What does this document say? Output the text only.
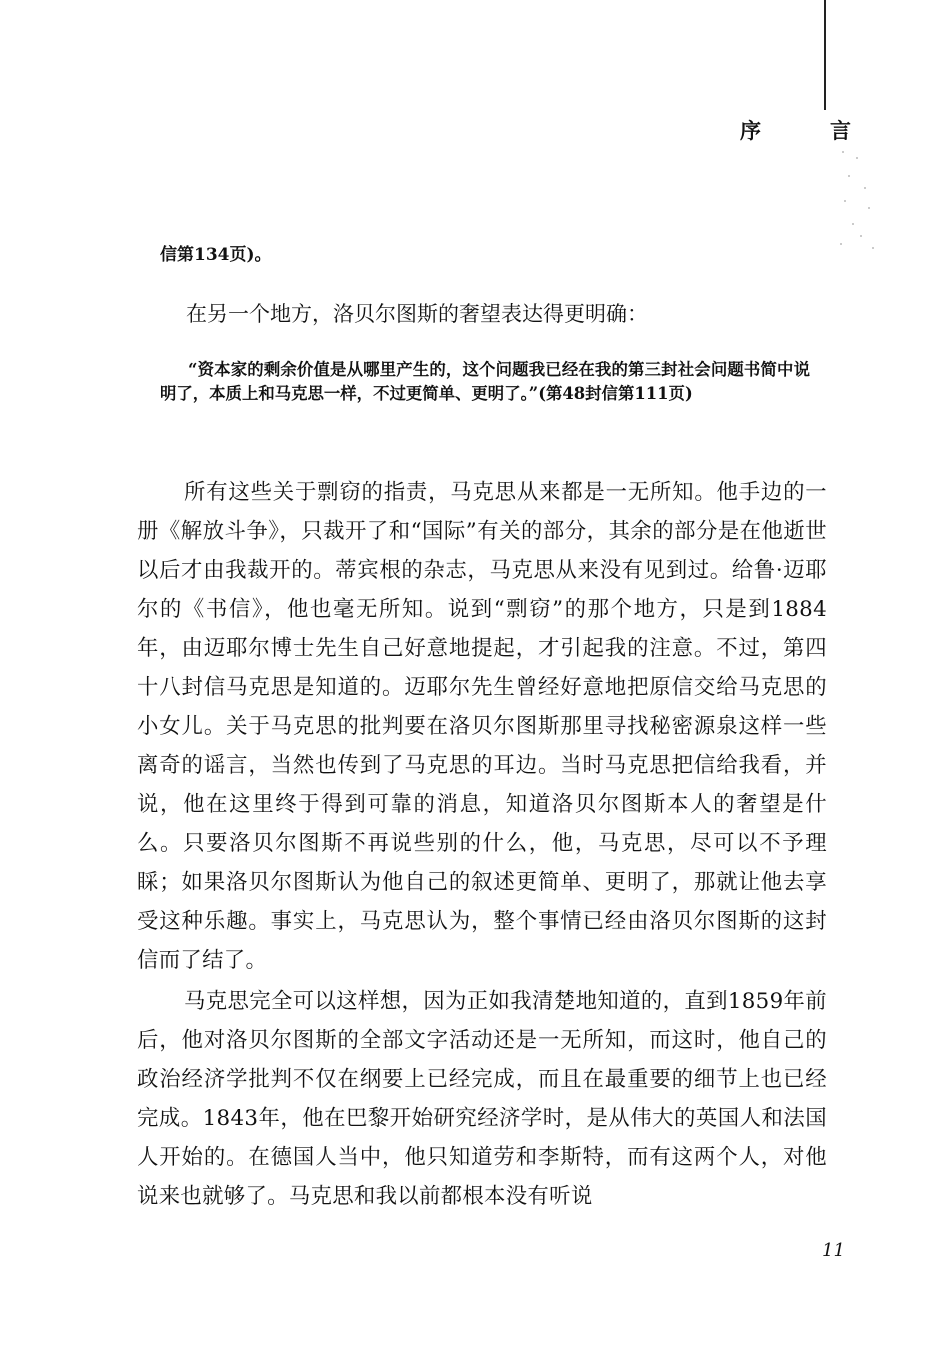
序　言
信第134页)。
在另一个地方，洛贝尔图斯的奢望表达得更明确：
“资本家的剩余价值是从哪里产生的，这个问题我已经在我的第三封社会问题书简中说明了，本质上和马克思一样，不过更简单、更明了。”(第48封信第111页)
所有这些关于剽窃的指责，马克思从来都是一无所知。他手边的一册《解放斗争》，只裁开了和“国际”有关的部分，其余的部分是在他逝世以后才由我裁开的。蒂宾根的杂志，马克思从来没有见到过。给鲁·迈耶尔的《书信》，他也毫无所知。说到“剽窃”的那个地方，只是到1884年，由迈耶尔博士先生自己好意地提起，才引起我的注意。不过，第四十八封信马克思是知道的。迈耶尔先生曾经好意地把原信交给马克思的小女儿。关于马克思的批判要在洛贝尔图斯那里寻找秘密源泉这样一些离奇的谣言，当然也传到了马克思的耳边。当时马克思把信给我看，并说，他在这里终于得到可靠的消息，知道洛贝尔图斯本人的奢望是什么。只要洛贝尔图斯不再说些别的什么，他，马克思，尽可以不予理睬；如果洛贝尔图斯认为他自己的叙述更简单、更明了，那就让他去享受这种乐趣。事实上，马克思认为，整个事情已经由洛贝尔图斯的这封信而了结了。
马克思完全可以这样想，因为正如我清楚地知道的，直到1859年前后，他对洛贝尔图斯的全部文字活动还是一无所知，而这时，他自己的政治经济学批判不仅在纲要上已经完成，而且在最重要的细节上也已经完成。1843年，他在巴黎开始研究经济学时，是从伟大的英国人和法国人开始的。在德国人当中，他只知道劳和李斯特，而有这两个人，对他说来也就够了。马克思和我以前都根本没有听说
11
